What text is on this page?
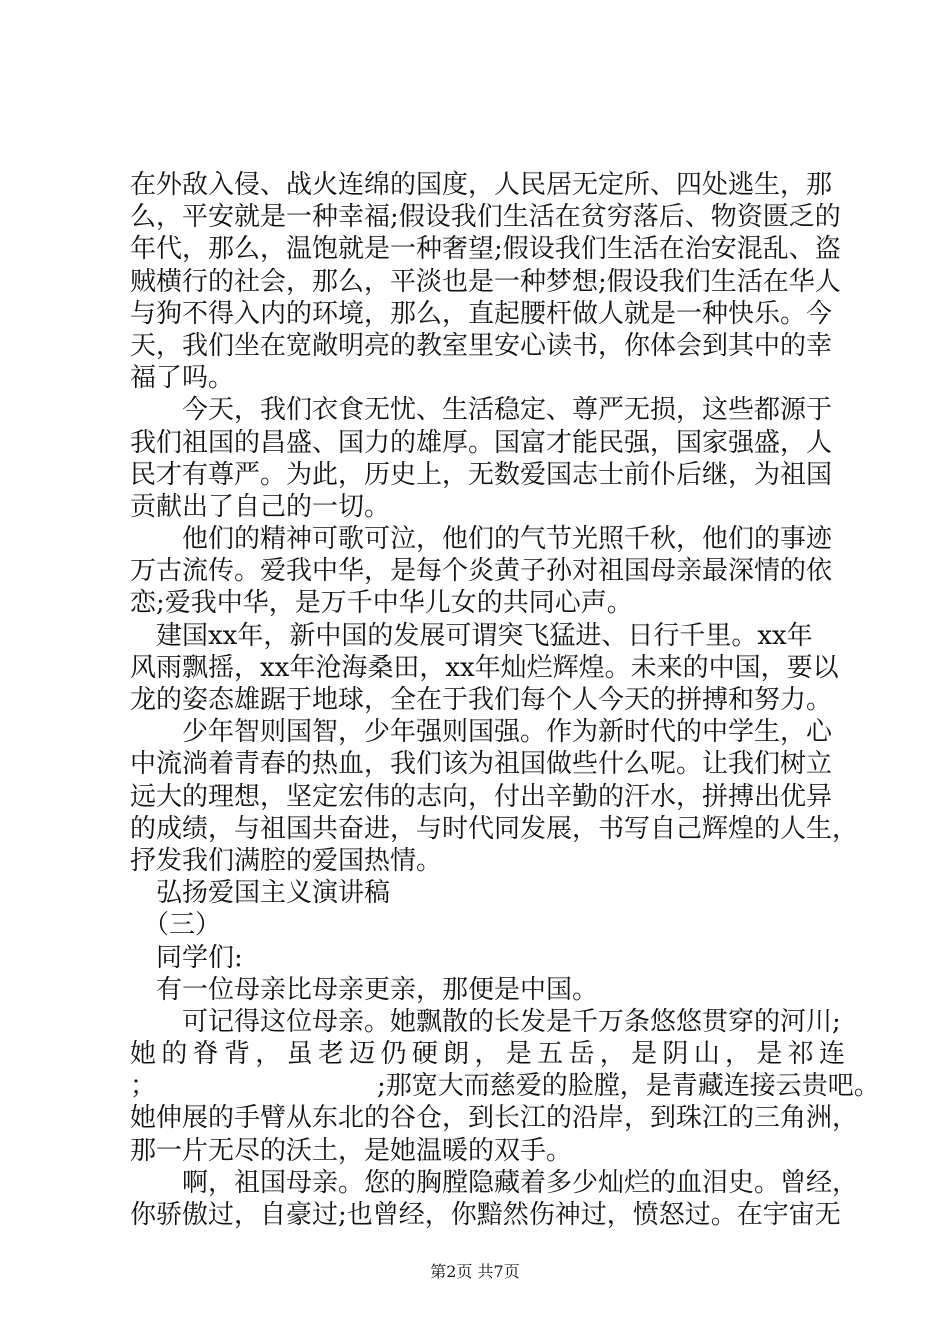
在外敌入侵、战火连绵的国度，人民居无定所、四处逃生，那
么，平安就是一种幸福;假设我们生活在贫穷落后、物资匮乏的
年代，那么，温饱就是一种奢望;假设我们生活在治安混乱、盗
贼横行的社会，那么，平淡也是一种梦想;假设我们生活在华人
与狗不得入内的环境，那么，直起腰杆做人就是一种快乐。今
天，我们坐在宽敞明亮的教室里安心读书，你体会到其中的幸
福了吗。
　　今天，我们衣食无忧、生活稳定、尊严无损，这些都源于
我们祖国的昌盛、国力的雄厚。国富才能民强，国家强盛，人
民才有尊严。为此，历史上，无数爱国志士前仆后继，为祖国
贡献出了自己的一切。
　　他们的精神可歌可泣，他们的气节光照千秋，他们的事迹
万古流传。爱我中华，是每个炎黄子孙对祖国母亲最深情的依
恋;爱我中华，是万千中华儿女的共同心声。
　建国xx年，新中国的发展可谓突飞猛进、日行千里。xx年
风雨飘摇，xx年沧海桑田，xx年灿烂辉煌。未来的中国，要以
龙的姿态雄踞于地球，全在于我们每个人今天的拼搏和努力。
　　少年智则国智，少年强则国强。作为新时代的中学生，心
中流淌着青春的热血，我们该为祖国做些什么呢。让我们树立
远大的理想，坚定宏伟的志向，付出辛勤的汗水，拼搏出优异
的成绩，与祖国共奋进，与时代同发展，书写自己辉煌的人生，
抒发我们满腔的爱国热情。
　弘扬爱国主义演讲稿
　（三）
　同学们:
　有一位母亲比母亲更亲，那便是中国。
　　可记得这位母亲。她飘散的长发是千万条悠悠贯穿的河川;
她的脊背，虽老迈仍硬朗，是五岳，是阴山，是祁连
；　　　　　　　　　;那宽大而慈爱的脸膛，是青藏连接云贵吧。
她伸展的手臂从东北的谷仓，到长江的沿岸，到珠江的三角洲，
那一片无尽的沃土，是她温暖的双手。
　　啊，祖国母亲。您的胸膛隐藏着多少灿烂的血泪史。曾经，
你骄傲过，自豪过;也曾经，你黯然伤神过，愤怒过。在宇宙无
第2页 共7页
